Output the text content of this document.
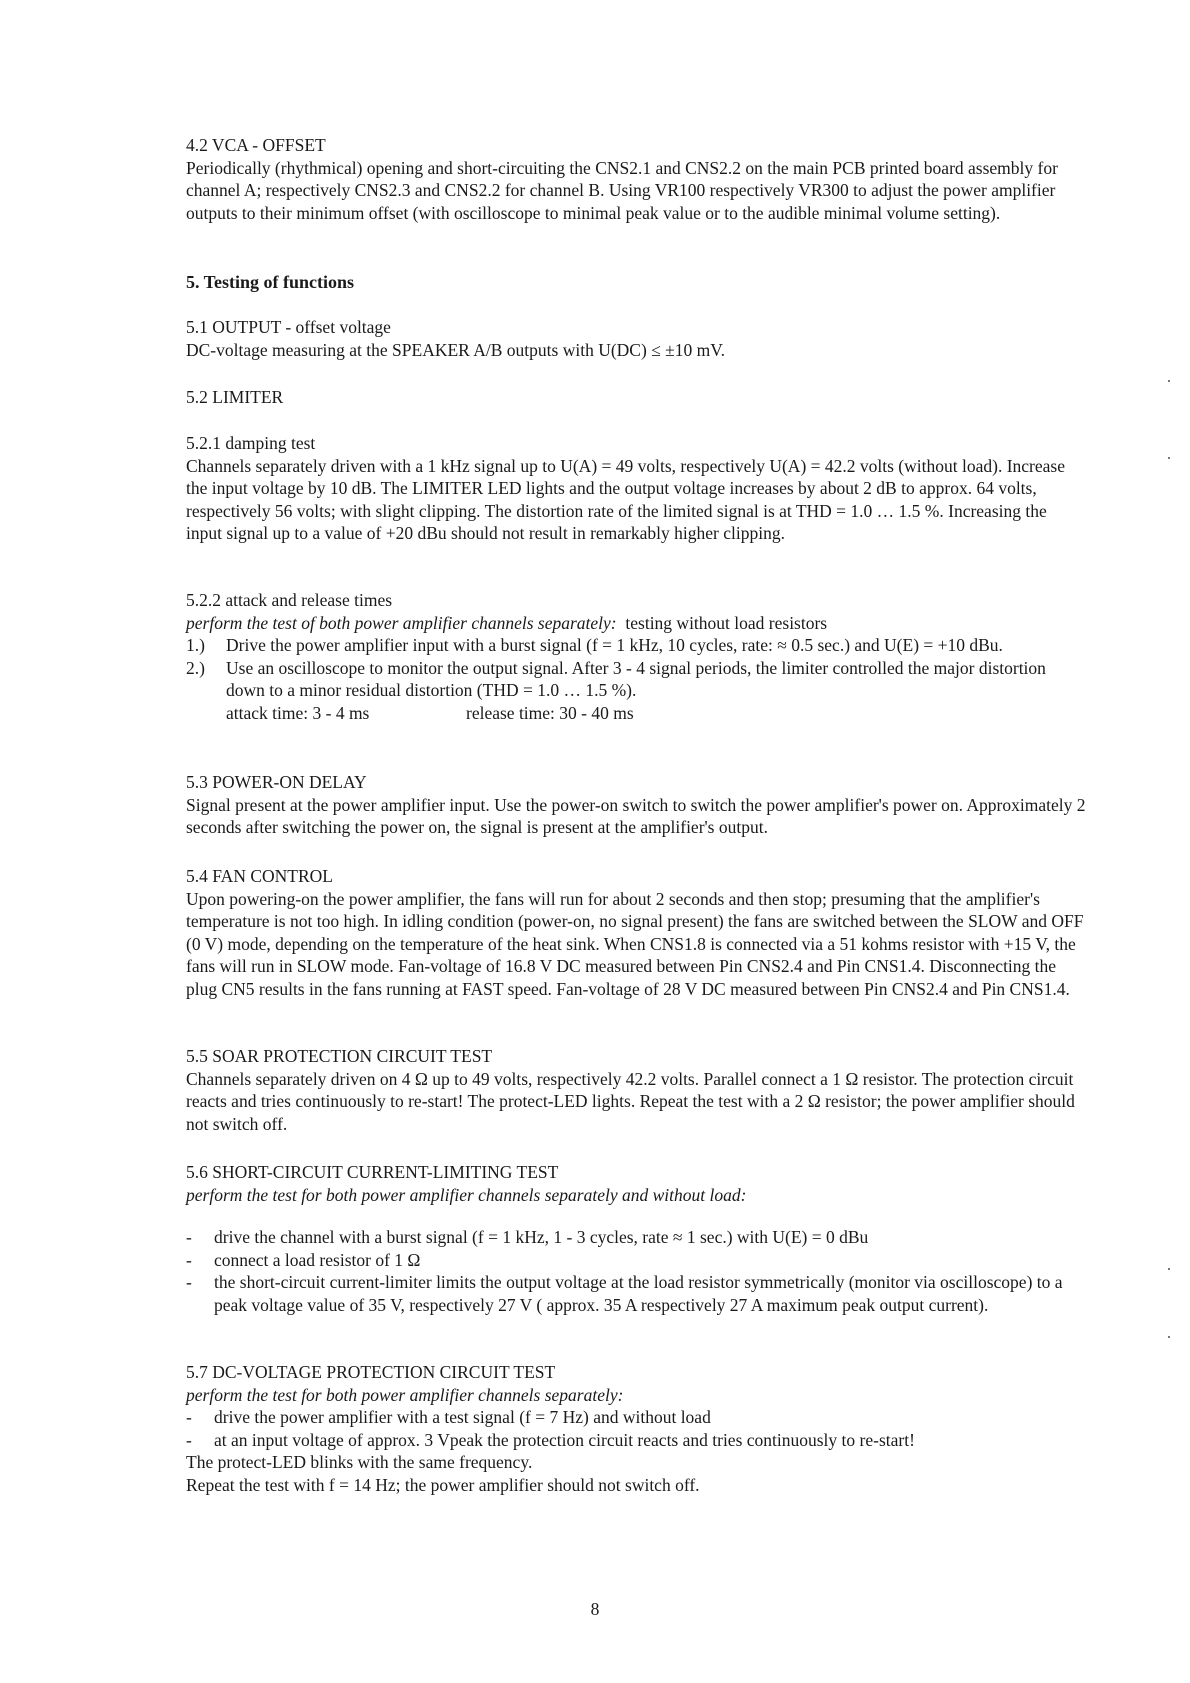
4.2 VCA - OFFSET

Periodically (rhythmical) opening and short-circuiting the CNS2.1 and CNS2.2 on the main PCB printed board assembly for channel A; respectively CNS2.3 and CNS2.2 for channel B. Using VR100 respectively VR300 to adjust the power amplifier outputs to their minimum offset (with oscilloscope to minimal peak value or to the audible minimal volume setting).

5. Testing of functions

5.1 OUTPUT - offset voltage

DC-voltage measuring at the SPEAKER A/B outputs with U(DC) ≤ ±10 mV.

5.2 LIMITER

5.2.1 damping test

Channels separately driven with a 1 kHz signal up to U(A) = 49 volts, respectively U(A) = 42.2 volts (without load). Increase the input voltage by 10 dB. The LIMITER LED lights and the output voltage increases by about 2 dB to approx. 64 volts, respectively 56 volts; with slight clipping. The distortion rate of the limited signal is at THD = 1.0 … 1.5 %. Increasing the input signal up to a value of +20 dBu should not result in remarkably higher clipping.

5.2.2 attack and release times

perform the test of both power amplifier channels separately: testing without load resistors

1.)	Drive the power amplifier input with a burst signal (f = 1 kHz, 10 cycles, rate: ≈ 0.5 sec.) and U(E) = +10 dBu.
2.)	Use an oscilloscope to monitor the output signal. After 3 - 4 signal periods, the limiter controlled the major distortion down to a minor residual distortion (THD = 1.0 … 1.5 %).
attack time: 3 - 4 ms	release time: 30 - 40 ms

5.3 POWER-ON DELAY

Signal present at the power amplifier input. Use the power-on switch to switch the power amplifier's power on. Approximately 2 seconds after switching the power on, the signal is present at the amplifier's output.

5.4 FAN CONTROL

Upon powering-on the power amplifier, the fans will run for about 2 seconds and then stop; presuming that the amplifier's temperature is not too high. In idling condition (power-on, no signal present) the fans are switched between the SLOW and OFF (0 V) mode, depending on the temperature of the heat sink. When CNS1.8 is connected via a 51 kohms resistor with +15 V, the fans will run in SLOW mode. Fan-voltage of 16.8 V DC measured between Pin CNS2.4 and Pin CNS1.4. Disconnecting the plug CN5 results in the fans running at FAST speed. Fan-voltage of 28 V DC measured between Pin CNS2.4 and Pin CNS1.4.

5.5 SOAR PROTECTION CIRCUIT TEST

Channels separately driven on 4 Ω up to 49 volts, respectively 42.2 volts. Parallel connect a 1 Ω resistor. The protection circuit reacts and tries continuously to re-start! The protect-LED lights. Repeat the test with a 2 Ω resistor; the power amplifier should not switch off.

5.6 SHORT-CIRCUIT CURRENT-LIMITING TEST

perform the test for both power amplifier channels separately and without load:

-	drive the channel with a burst signal (f = 1 kHz, 1 - 3 cycles, rate ≈ 1 sec.) with U(E) = 0 dBu
-	connect a load resistor of 1 Ω
-	the short-circuit current-limiter limits the output voltage at the load resistor symmetrically (monitor via oscilloscope) to a peak voltage value of 35 V, respectively 27 V ( approx. 35 A respectively 27 A maximum peak output current).

5.7 DC-VOLTAGE PROTECTION CIRCUIT TEST

perform the test for both power amplifier channels separately:

-	drive the power amplifier with a test signal (f = 7 Hz) and without load
-	at an input voltage of approx. 3 Vpeak the protection circuit reacts and tries continuously to re-start!

The protect-LED blinks with the same frequency.

Repeat the test with f = 14 Hz; the power amplifier should not switch off.

8
